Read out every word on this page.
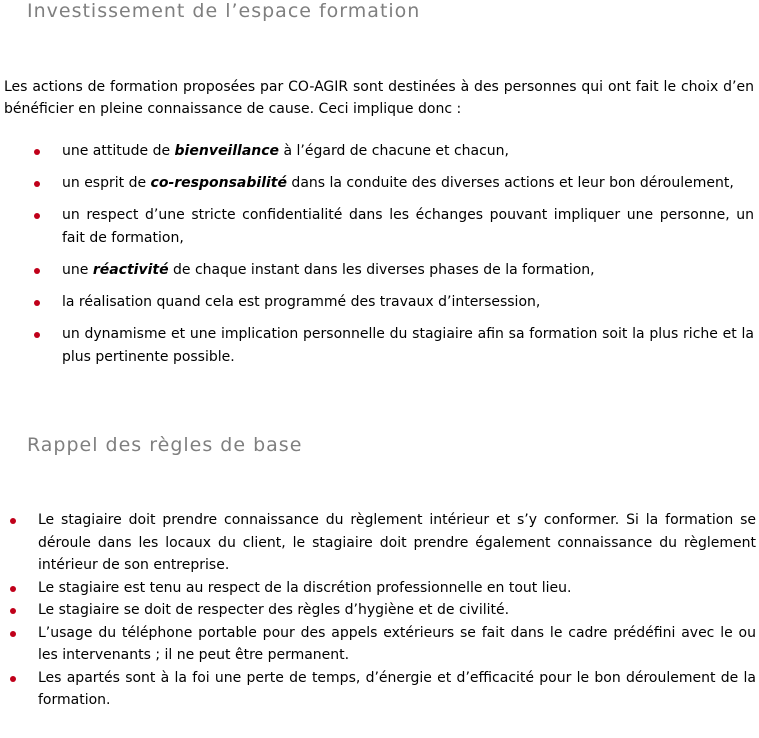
Investissement de l’espace formation

Les actions de formation proposées par CO-AGIR sont destinées à des personnes qui ont fait le choix d’en bénéficier en pleine connaissance de cause. Ceci implique donc :

une attitude de bienveillance à l’égard de chacune et chacun,
un esprit de co-responsabilité dans la conduite des diverses actions et leur bon déroulement,
un respect d’une stricte confidentialité dans les échanges pouvant impliquer une personne, un fait de formation,
une réactivité de chaque instant dans les diverses phases de la formation,
la réalisation quand cela est programmé des travaux d’intersession,
un dynamisme et une implication personnelle du stagiaire afin sa formation soit la plus riche et la plus pertinente possible.
Rappel des règles de base
Le stagiaire doit prendre connaissance du règlement intérieur et s’y conformer. Si la formation se déroule dans les locaux du client, le stagiaire doit prendre également connaissance du règlement intérieur de son entreprise.
Le stagiaire est tenu au respect de la discrétion professionnelle en tout lieu.
Le stagiaire se doit de respecter des règles d’hygiène et de civilité.
L’usage du téléphone portable pour des appels extérieurs se fait dans le cadre prédéfini avec le ou les intervenants ; il ne peut être permanent.
Les apartés sont à la foi une perte de temps, d’énergie et d’efficacité pour le bon déroulement de la formation.
